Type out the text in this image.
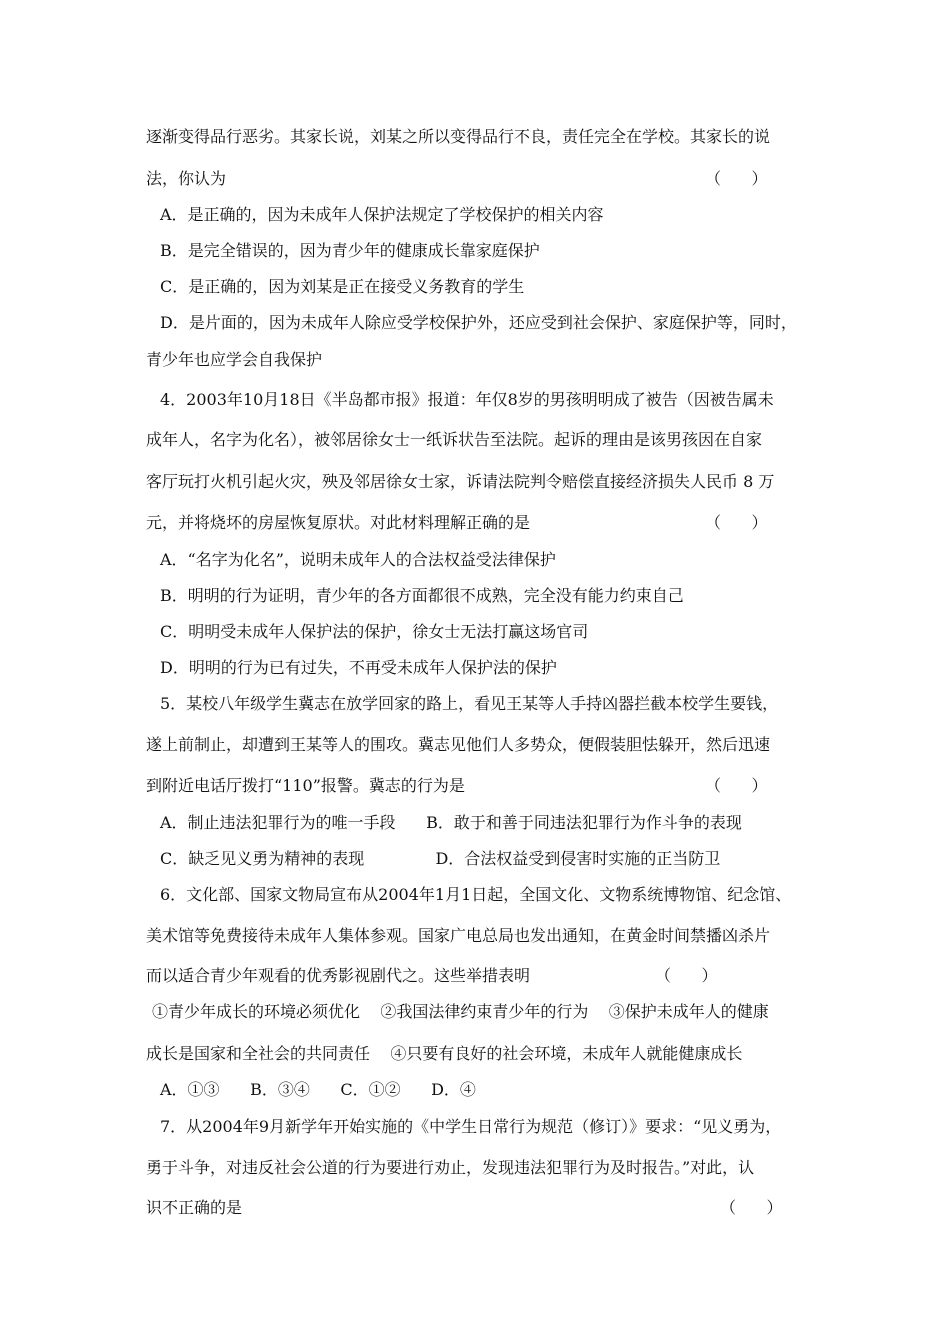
逐渐变得品行恶劣。其家长说，刘某之所以变得品行不良，责任完全在学校。其家长的说
法，你认为	（      ）
A．是正确的，因为未成年人保护法规定了学校保护的相关内容
B．是完全错误的，因为青少年的健康成长靠家庭保护
C．是正确的，因为刘某是正在接受义务教育的学生
D．是片面的，因为未成年人除应受学校保护外，还应受到社会保护、家庭保护等，同时，
青少年也应学会自我保护
4．2003年10月18日《半岛都市报》报道：年仅8岁的男孩明明成了被告（因被告属未
成年人，名字为化名），被邻居徐女士一纸诉状告至法院。起诉的理由是该男孩因在自家
客厅玩打火机引起火灾，殃及邻居徐女士家，诉请法院判令赔偿直接经济损失人民币 8 万
元，并将烧坏的房屋恢复原状。对此材料理解正确的是	（      ）
A．“名字为化名”，说明未成年人的合法权益受法律保护
B．明明的行为证明，青少年的各方面都很不成熟，完全没有能力约束自己
C．明明受未成年人保护法的保护，徐女士无法打赢这场官司
D．明明的行为已有过失，不再受未成年人保护法的保护
5．某校八年级学生冀志在放学回家的路上，看见王某等人手持凶器拦截本校学生要钱，
遂上前制止，却遭到王某等人的围攻。冀志见他们人多势众，便假装胆怯躲开，然后迅速
到附近电话厅拨打“110”报警。冀志的行为是	（      ）
A．制止违法犯罪行为的唯一手段      B．敢于和善于同违法犯罪行为作斗争的表现
C．缺乏见义勇为精神的表现              D．合法权益受到侵害时实施的正当防卫
6．文化部、国家文物局宣布从2004年1月1日起，全国文化、文物系统博物馆、纪念馆、
美术馆等免费接待未成年人集体参观。国家广电总局也发出通知，在黄金时间禁播凶杀片
而以适合青少年观看的优秀影视剧代之。这些举措表明	（      ）
①青少年成长的环境必须优化    ②我国法律约束青少年的行为    ③保护未成年人的健康
成长是国家和全社会的共同责任    ④只要有良好的社会环境，未成年人就能健康成长
A．①③      B．③④      C．①②      D．④
7．从2004年9月新学年开始实施的《中学生日常行为规范（修订）》要求：“见义勇为，
勇于斗争，对违反社会公道的行为要进行劝止，发现违法犯罪行为及时报告。”对此，认
识不正确的是	（      ）
